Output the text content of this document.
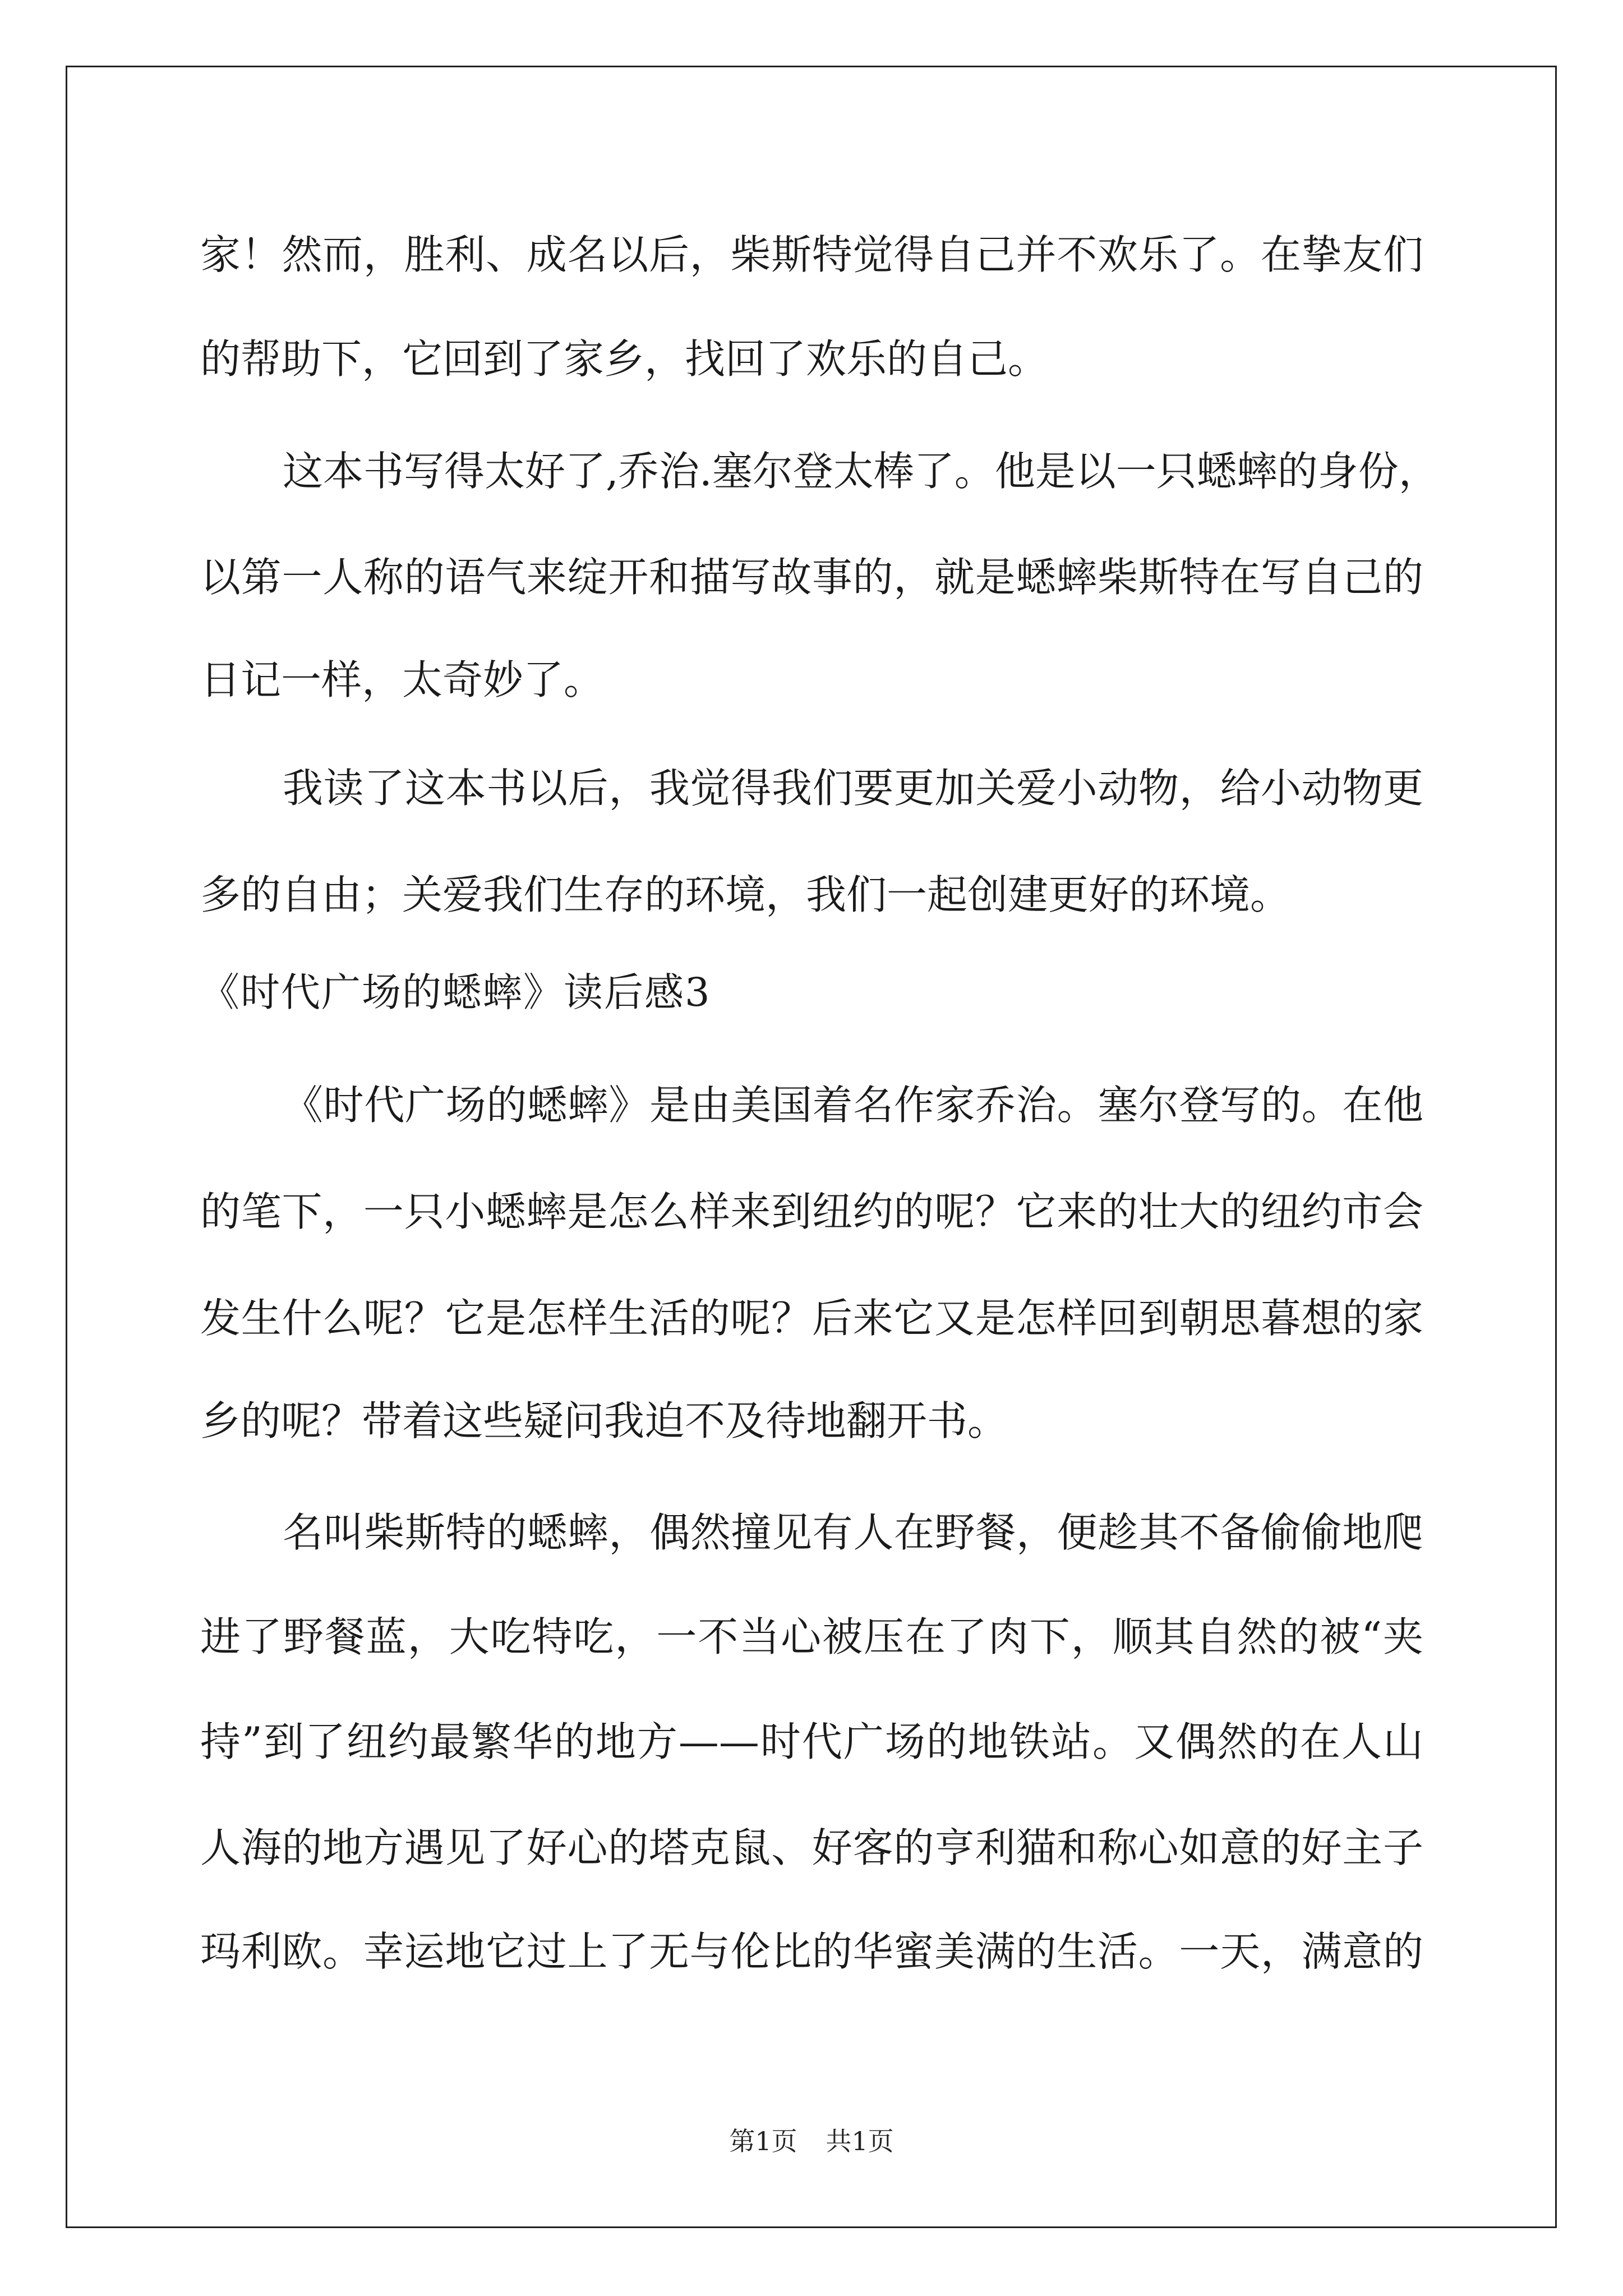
家！然而，胜利、成名以后，柴斯特觉得自己并不欢乐了。在挚友们
的帮助下，它回到了家乡，找回了欢乐的自己。
这本书写得太好了,乔治.塞尔登太棒了。他是以一只蟋蟀的身份，
以第一人称的语气来绽开和描写故事的，就是蟋蟀柴斯特在写自己的
日记一样，太奇妙了。
我读了这本书以后，我觉得我们要更加关爱小动物，给小动物更
多的自由；关爱我们生存的环境，我们一起创建更好的环境。
《时代广场的蟋蟀》读后感3
《时代广场的蟋蟀》是由美国着名作家乔治。塞尔登写的。在他
的笔下，一只小蟋蟀是怎么样来到纽约的呢？它来的壮大的纽约市会
发生什么呢？它是怎样生活的呢？后来它又是怎样回到朝思暮想的家
乡的呢？带着这些疑问我迫不及待地翻开书。
名叫柴斯特的蟋蟀，偶然撞见有人在野餐，便趁其不备偷偷地爬
进了野餐蓝，大吃特吃，一不当心被压在了肉下，顺其自然的被“夹
持”到了纽约最繁华的地方——时代广场的地铁站。又偶然的在人山
人海的地方遇见了好心的塔克鼠、好客的亨利猫和称心如意的好主子
玛利欧。幸运地它过上了无与伦比的华蜜美满的生活。一天，满意的
第1页 共1页
